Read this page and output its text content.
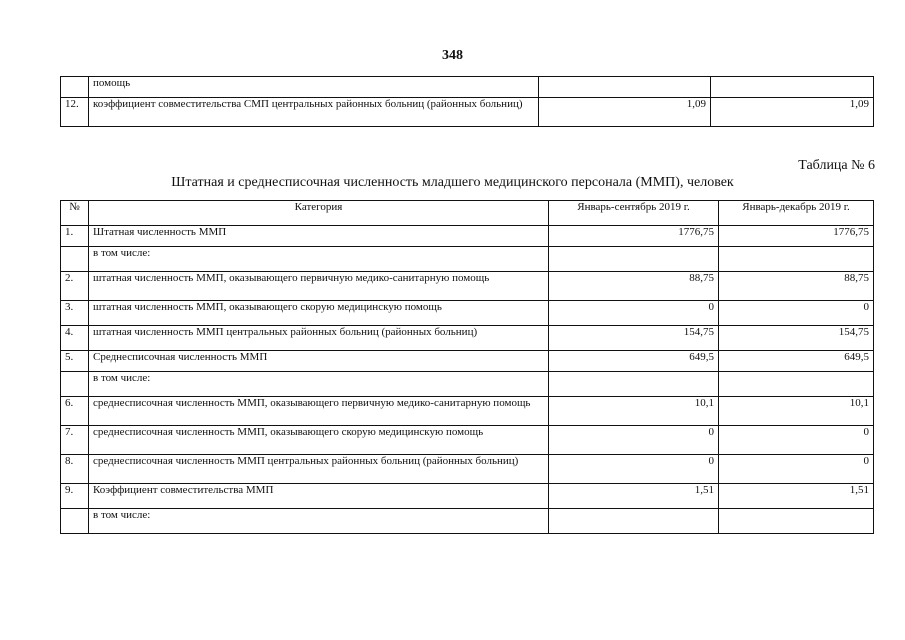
348
	помощь		
12.	коэффициент совместительства СМП центральных районных больниц (районных больниц)	1,09	1,09
Таблица № 6
Штатная и среднесписочная численность младшего медицинского персонала (ММП), человек
№	Категория	Январь-сентябрь 2019 г.	Январь-декабрь 2019 г.
1.	Штатная численность ММП	1776,75	1776,75
	в том числе:		
2.	штатная численность ММП, оказывающего первичную медико-санитарную помощь	88,75	88,75
3.	штатная численность ММП, оказывающего скорую медицинскую помощь	0	0
4.	штатная численность ММП центральных районных больниц (районных больниц)	154,75	154,75
5.	Среднесписочная численность ММП	649,5	649,5
	в том числе:		
6.	среднесписочная численность ММП, оказывающего первичную медико-санитарную помощь	10,1	10,1
7.	среднесписочная численность ММП, оказывающего скорую медицинскую помощь	0	0
8.	среднесписочная численность ММП центральных районных больниц (районных больниц)	0	0
9.	Коэффициент совместительства ММП	1,51	1,51
	в том числе:		
